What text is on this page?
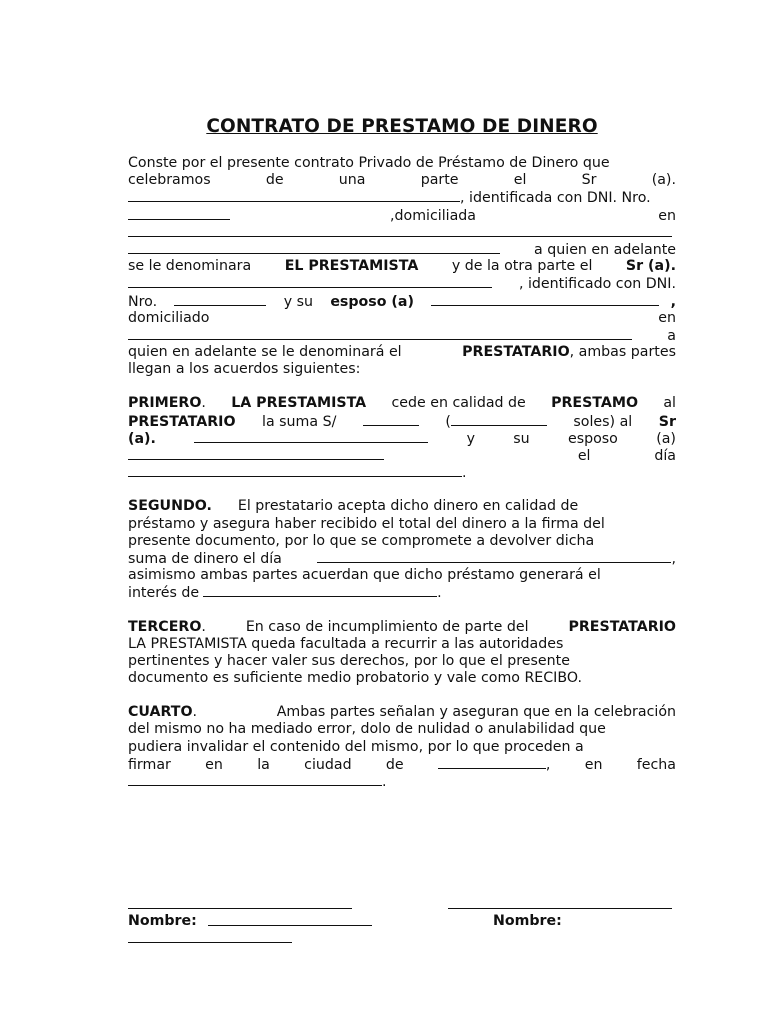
CONTRATO DE PRESTAMO DE DINERO
Conste por el presente contrato Privado de Préstamo de Dinero que
celebramos	de	una	parte	el	Sr	(a).
, identificada con DNI. Nro.
,domiciliada	en
a quien en adelante
se le denominara EL PRESTAMISTA y de la otra parte el Sr (a).
, identificado con DNI.
Nro.	y su esposo (a)	,
domiciliado	en
a
quien en adelante se le denominará el	PRESTATARIO, ambas partes
llegan a los acuerdos siguientes:
PRIMERO. LA PRESTAMISTA cede en calidad de PRESTAMO al
PRESTATARIO la suma S/	(	soles) al Sr
(a).	y	su	esposo	(a)
el	día
.
SEGUNDO. El prestatario acepta dicho dinero en calidad de
préstamo y asegura haber recibido el total del dinero a la firma del
presente documento, por lo que se compromete a devolver dicha
suma de dinero el día	,
asimismo ambas partes acuerdan que dicho préstamo generará el
interés de	.
TERCERO.	En caso de incumplimiento de parte del	PRESTATARIO
LA PRESTAMISTA queda facultada a recurrir a las autoridades
pertinentes y hacer valer sus derechos, por lo que el presente
documento es suficiente medio probatorio y vale como RECIBO.
CUARTO.	Ambas partes señalan y aseguran que en la celebración
del mismo no ha mediado error, dolo de nulidad o anulabilidad que
pudiera invalidar el contenido del mismo, por lo que proceden a
firmar en la ciudad de	, en fecha
.
Nombre:	Nombre:
